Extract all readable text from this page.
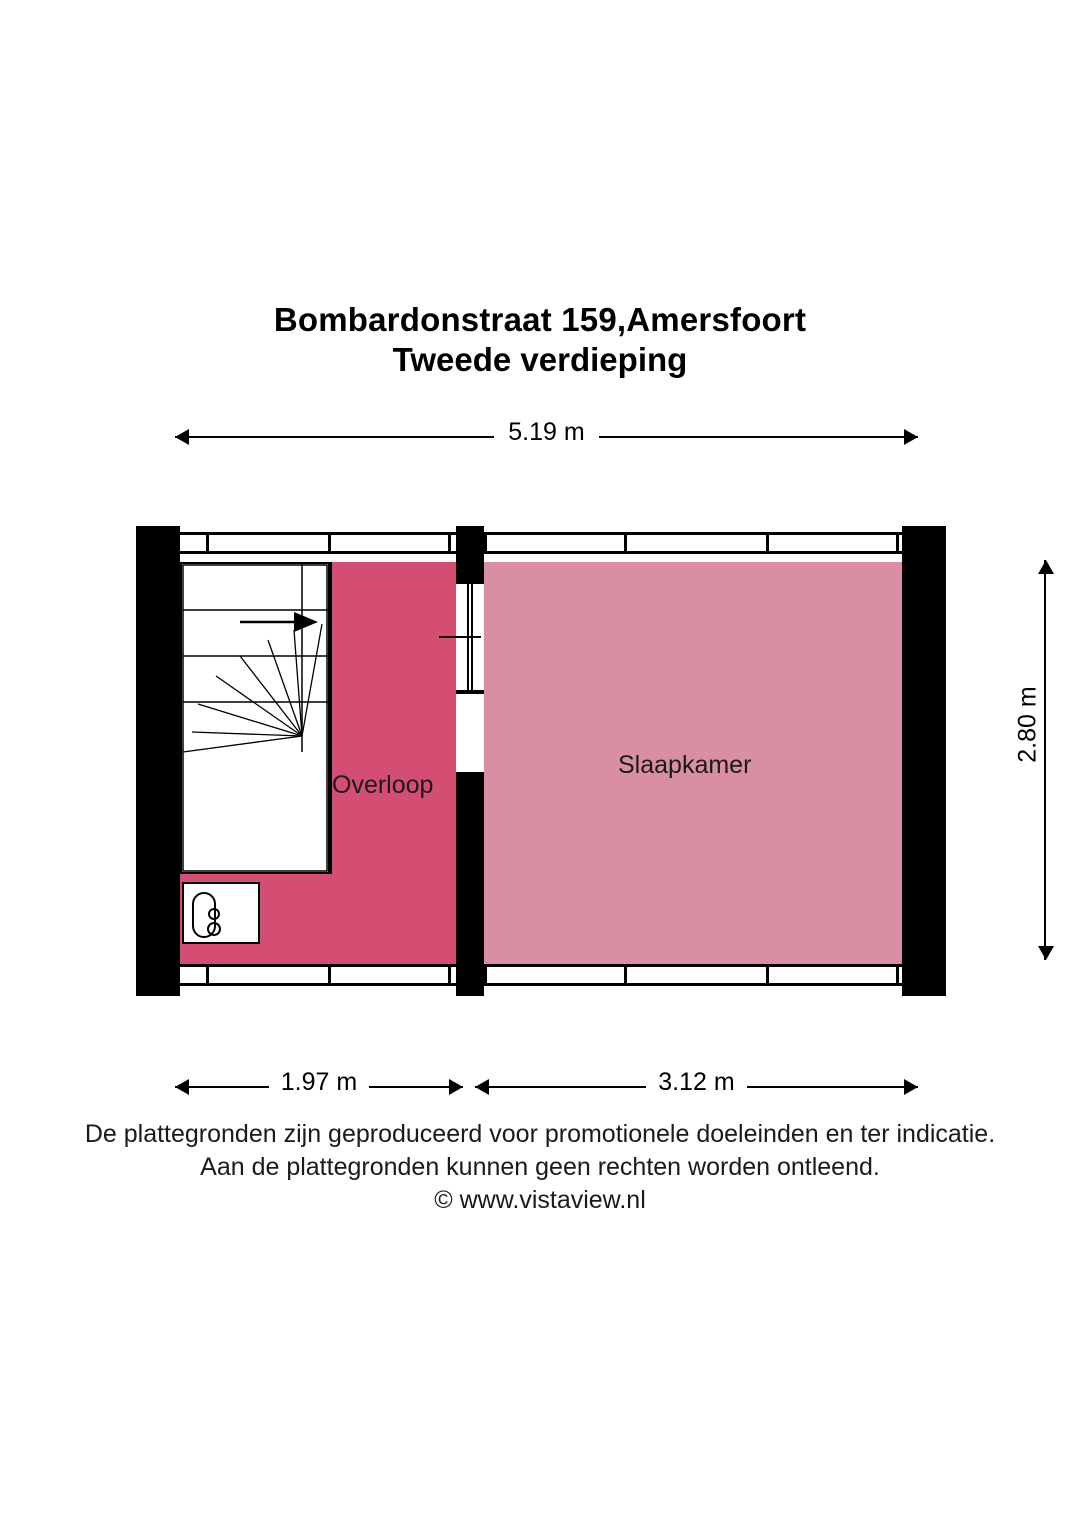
Bombardonstraat 159,Amersfoort
Tweede verdieping
5.19 m
Overloop
Slaapkamer
2.80 m
1.97 m	3.12 m
De plattegronden zijn geproduceerd voor promotionele doeleinden en ter indicatie.
Aan de plattegronden kunnen geen rechten worden ontleend.
© www.vistaview.nl
